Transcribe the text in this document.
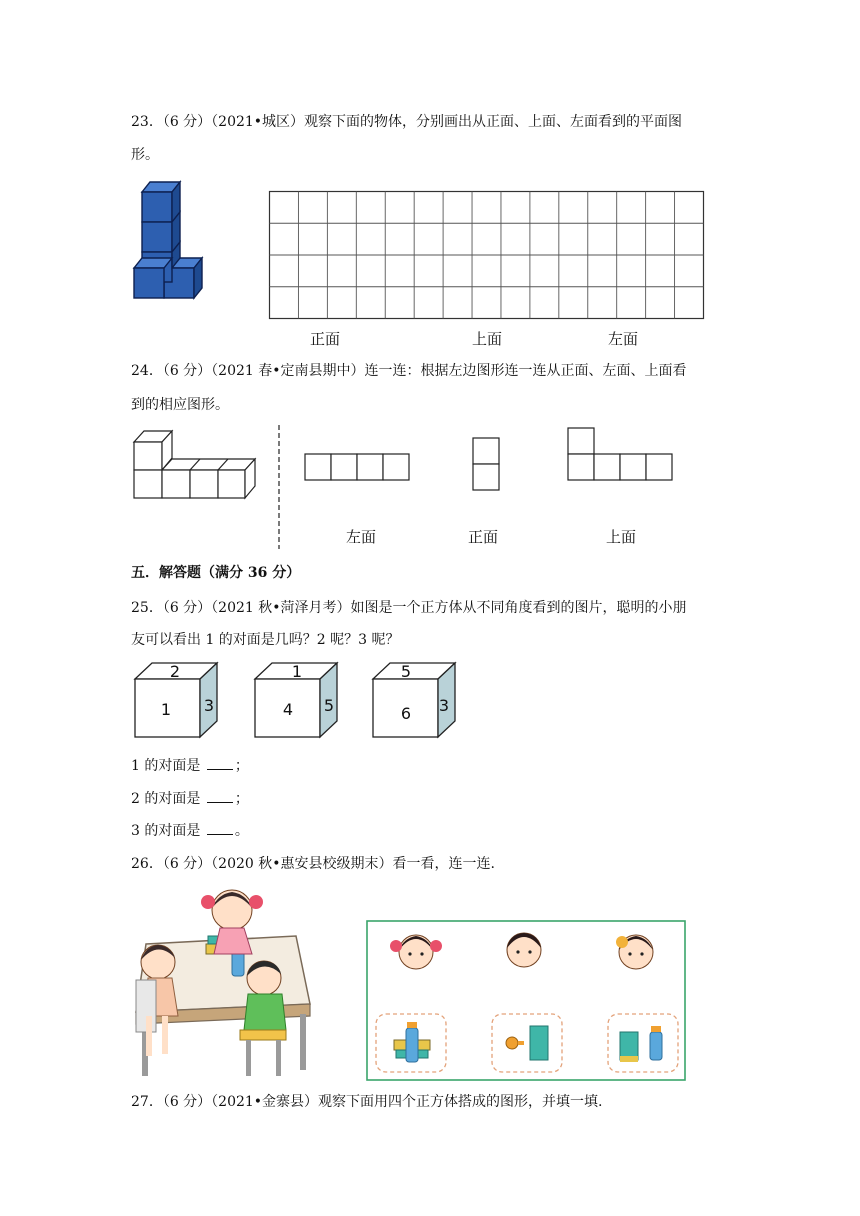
23．（6 分）（2021•城区）观察下面的物体，分别画出从正面、上面、左面看到的平面图
形。
正面	上面	左面
24．（6 分）（2021 春•定南县期中）连一连：根据左边图形连一连从正面、左面、上面看
到的相应图形。
左面	正面	上面
五．解答题（满分 36 分）
25．（6 分）（2021 秋•菏泽月考）如图是一个正方体从不同角度看到的图片，聪明的小朋
友可以看出 1 的对面是几吗？2 呢？3 呢？
2
1 3
1
4 5
5
6 3
1 的对面是 ；
2 的对面是 ；
3 的对面是 。
26．（6 分）（2020 秋•惠安县校级期末）看一看，连一连.
27．（6 分）（2021•金寨县）观察下面用四个正方体搭成的图形，并填一填.
